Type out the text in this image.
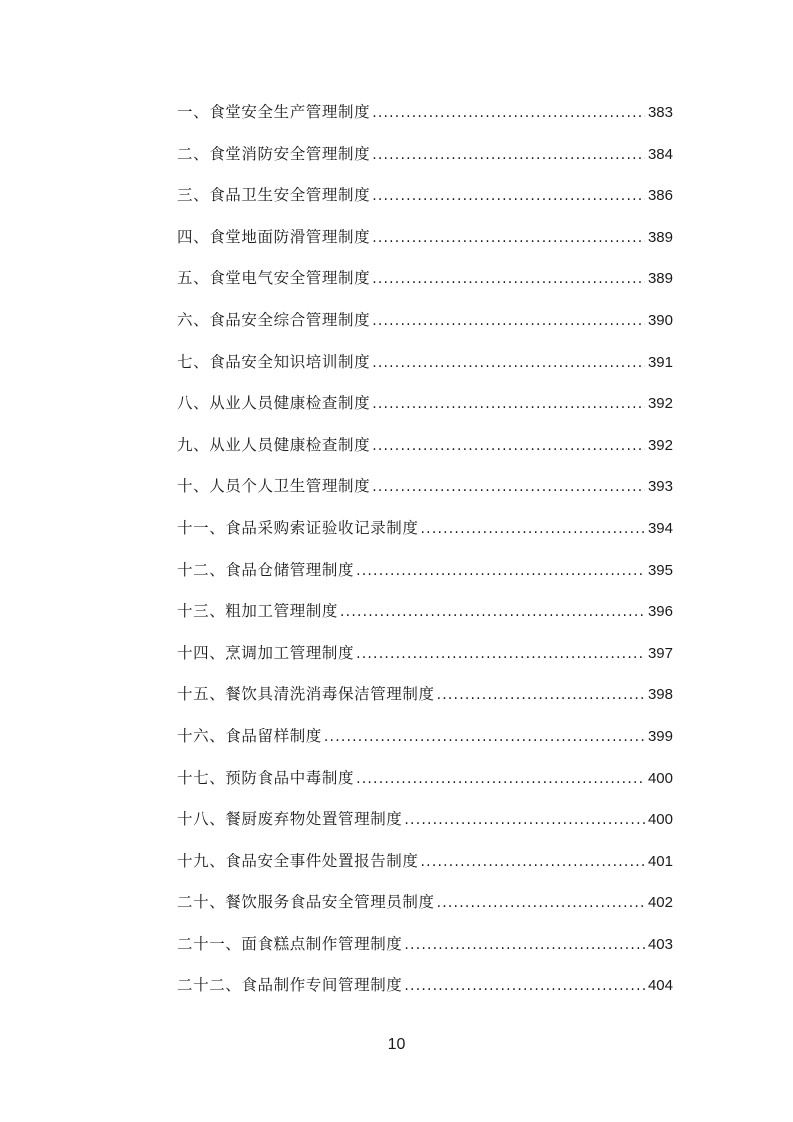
一、食堂安全生产管理制度 .....	383
二、食堂消防安全管理制度 .....	384
三、食品卫生安全管理制度 .....	386
四、食堂地面防滑管理制度 .....	389
五、食堂电气安全管理制度 .....	389
六、食品安全综合管理制度 .....	390
七、食品安全知识培训制度 .....	391
八、从业人员健康检查制度 .....	392
九、从业人员健康检查制度 .....	392
十、人员个人卫生管理制度 .....	393
十一、食品采购索证验收记录制度 .....	394
十二、食品仓储管理制度 .....	395
十三、粗加工管理制度 .....	396
十四、烹调加工管理制度 .....	397
十五、餐饮具清洗消毒保洁管理制度 .....	398
十六、食品留样制度 .....	399
十七、预防食品中毒制度 .....	400
十八、餐厨废弃物处置管理制度 .....	400
十九、食品安全事件处置报告制度 .....	401
二十、餐饮服务食品安全管理员制度 .....	402
二十一、面食糕点制作管理制度 .....	403
二十二、食品制作专间管理制度 .....	404
10
